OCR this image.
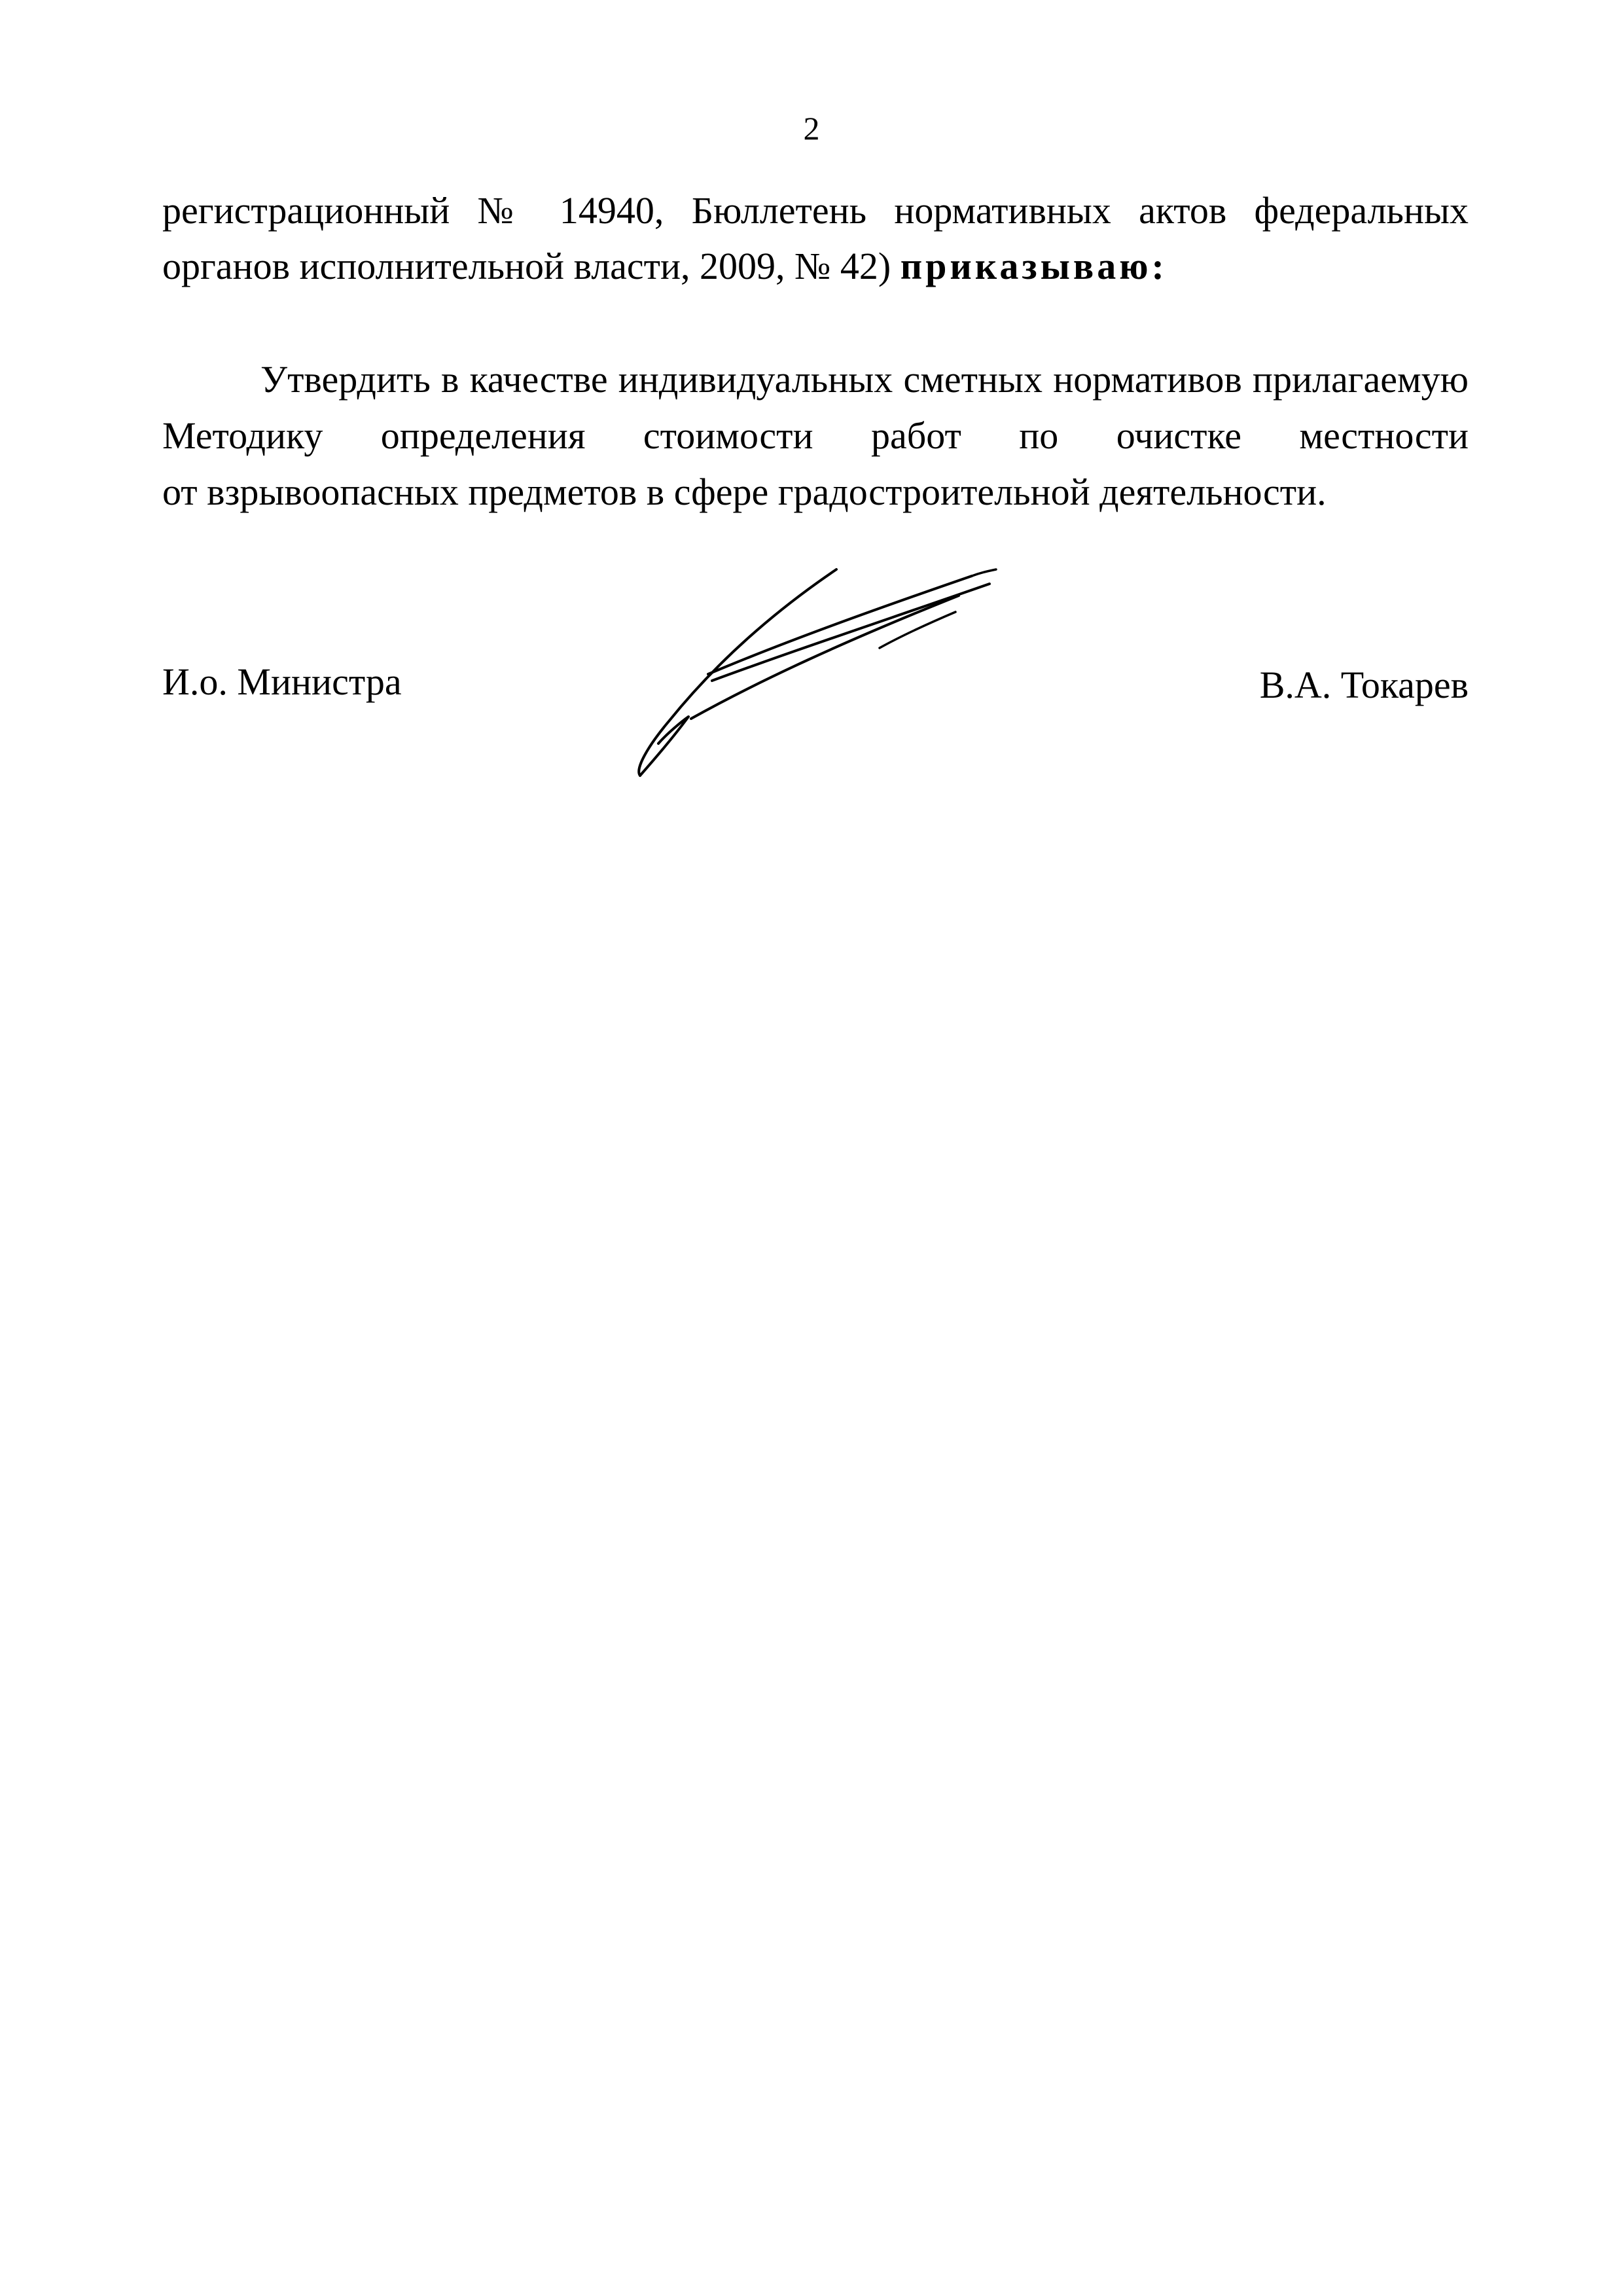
2
регистрационный № 14940, Бюллетень нормативных актов федеральных
органов исполнительной власти, 2009, № 42) приказываю:
Утвердить в качестве индивидуальных сметных нормативов прилагаемую
Методику определения стоимости работ по очистке местности
от взрывоопасных предметов в сфере градостроительной деятельности.
И.о. Министра	В.А. Токарев
